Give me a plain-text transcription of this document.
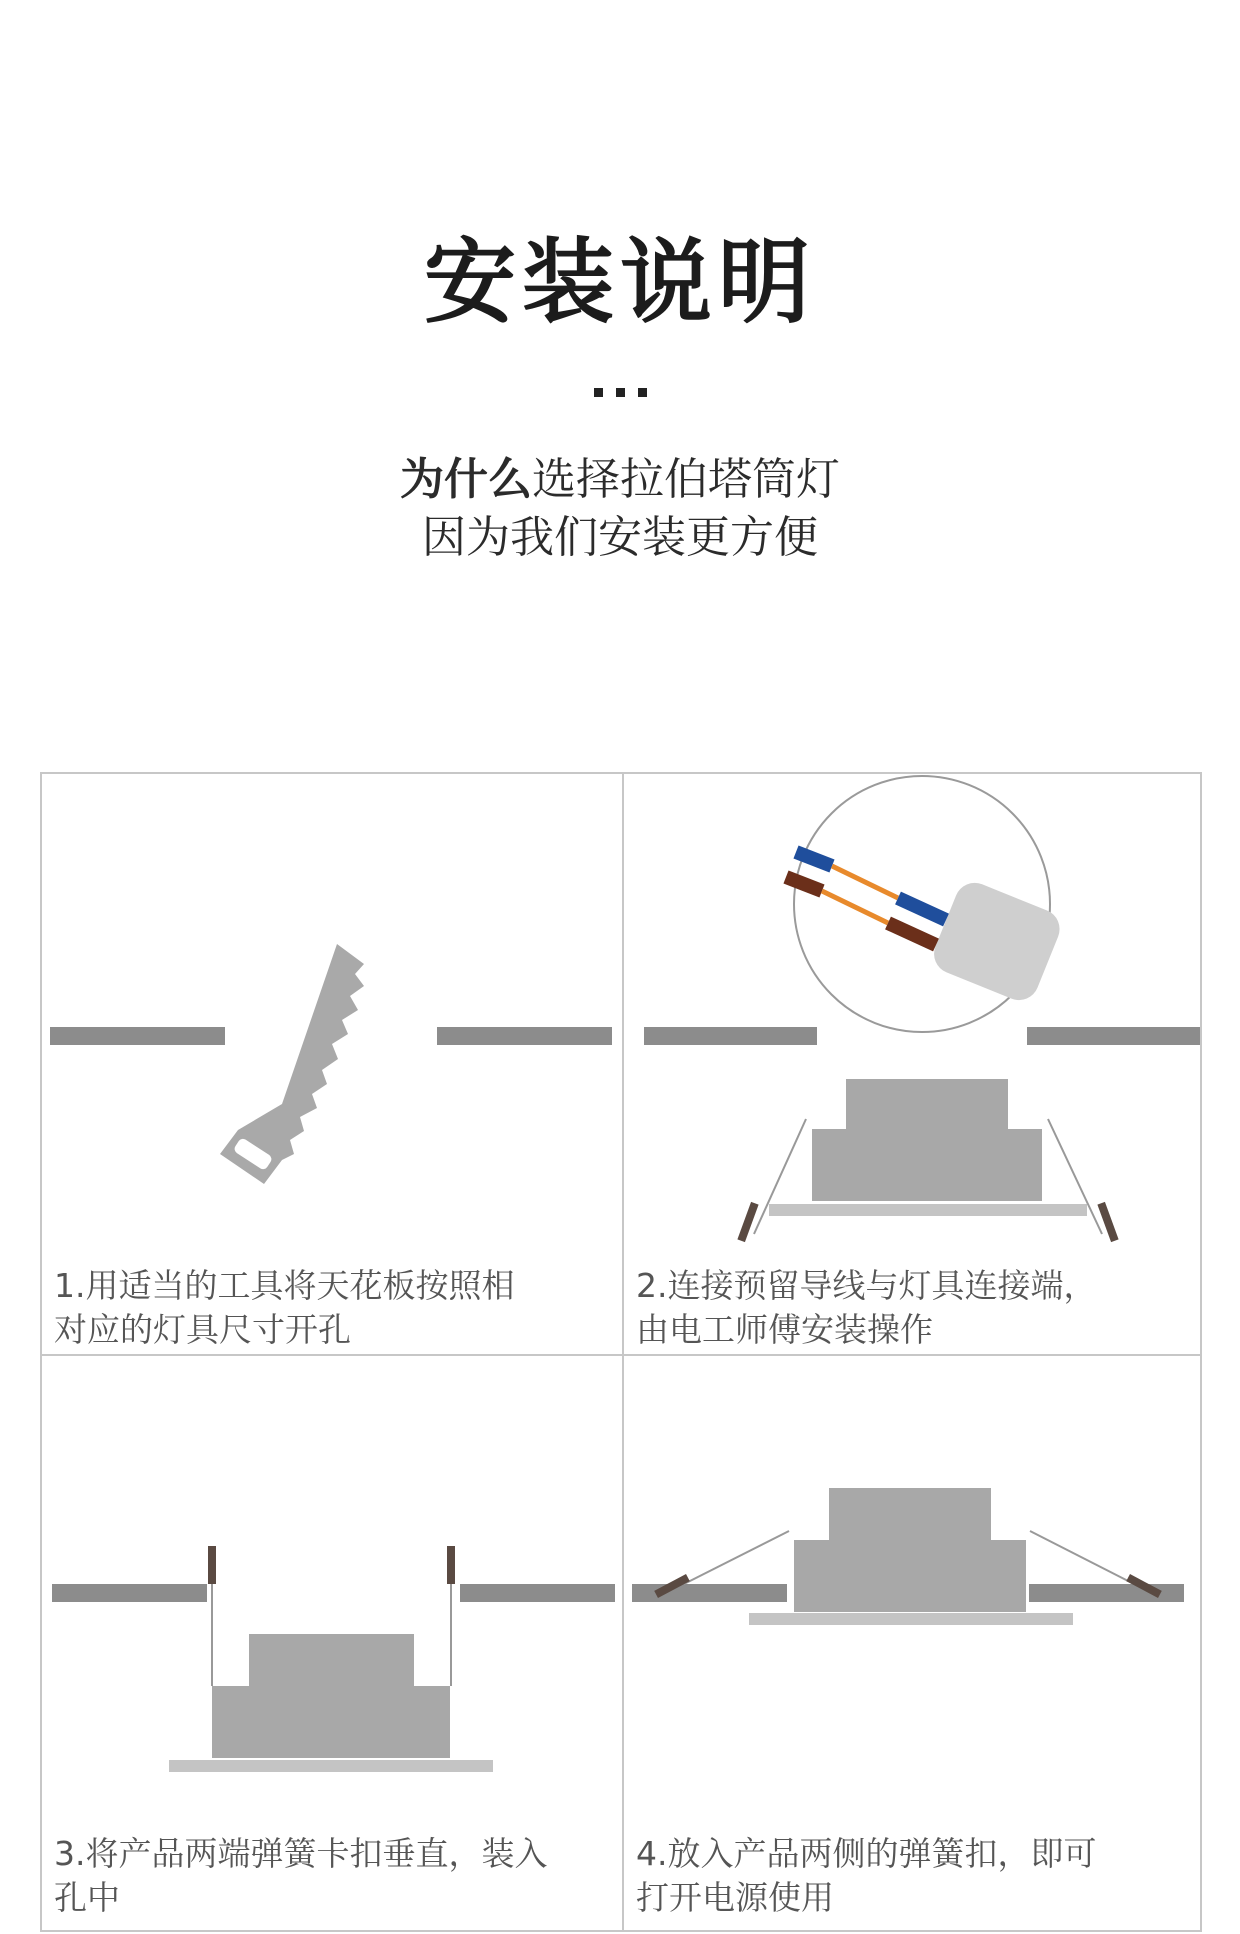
安装说明
为什么选择拉伯塔筒灯
因为我们安装更方便
1.用适当的工具将天花板按照相
对应的灯具尺寸开孔
2.连接预留导线与灯具连接端，
由电工师傅安装操作
3.将产品两端弹簧卡扣垂直，装入
孔中
4.放入产品两侧的弹簧扣，即可
打开电源使用
